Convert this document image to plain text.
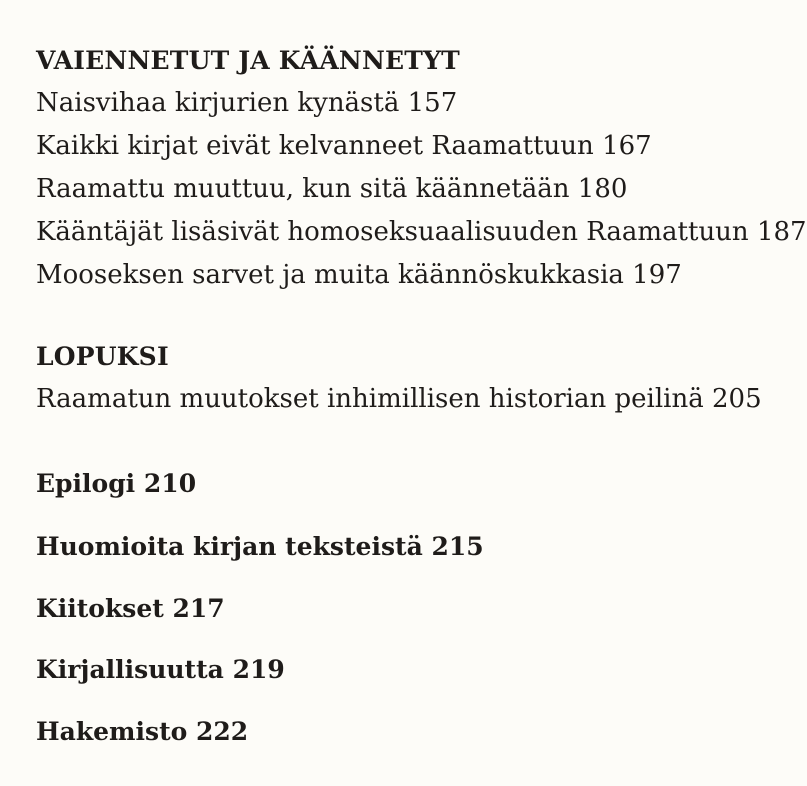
VAIENNETUT JA KÄÄNNETYT
Naisvihaa kirjurien kynästä 157
Kaikki kirjat eivät kelvanneet Raamattuun 167
Raamattu muuttuu, kun sitä käännetään 180
Kääntäjät lisäsivät homoseksuaalisuuden Raamattuun 187
Mooseksen sarvet ja muita käännöskukkasia 197
LOPUKSI
Raamatun muutokset inhimillisen historian peilinä 205
Epilogi 210
Huomioita kirjan teksteistä 215
Kiitokset 217
Kirjallisuutta 219
Hakemisto 222
